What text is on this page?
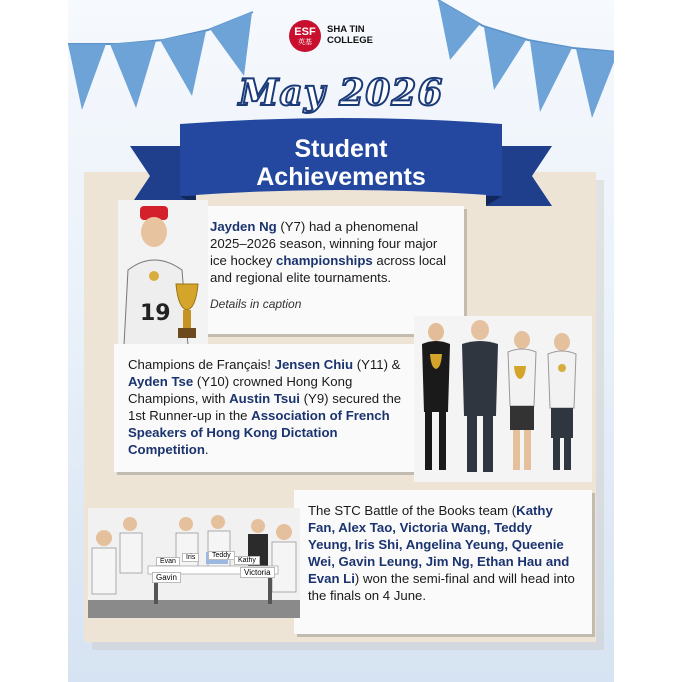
ESF
英基
SHA TIN
COLLEGE
May 2026
Student
Achievements
Jayden Ng (Y7) had a phenomenal 2025–2026 season, winning four major ice hockey championships across local and regional elite tournaments.
Details in caption
19
Champions de Français! Jensen Chiu (Y11) & Ayden Tse (Y10) crowned Hong Kong Champions, with Austin Tsui (Y9) secured the 1st Runner-up in the Association of French Speakers of Hong Kong Dictation Competition.
The STC Battle of the Books team (Kathy Fan, Alex Tao, Victoria Wang, Teddy Yeung, Iris Shi, Angelina Yeung, Queenie Wei, Gavin Leung, Jim Ng, Ethan Hau and Evan Li) won the semi-final and will head into the finals on 4 June.
Evan
Iris	Teddy
Kathy
Gavin
Victoria
